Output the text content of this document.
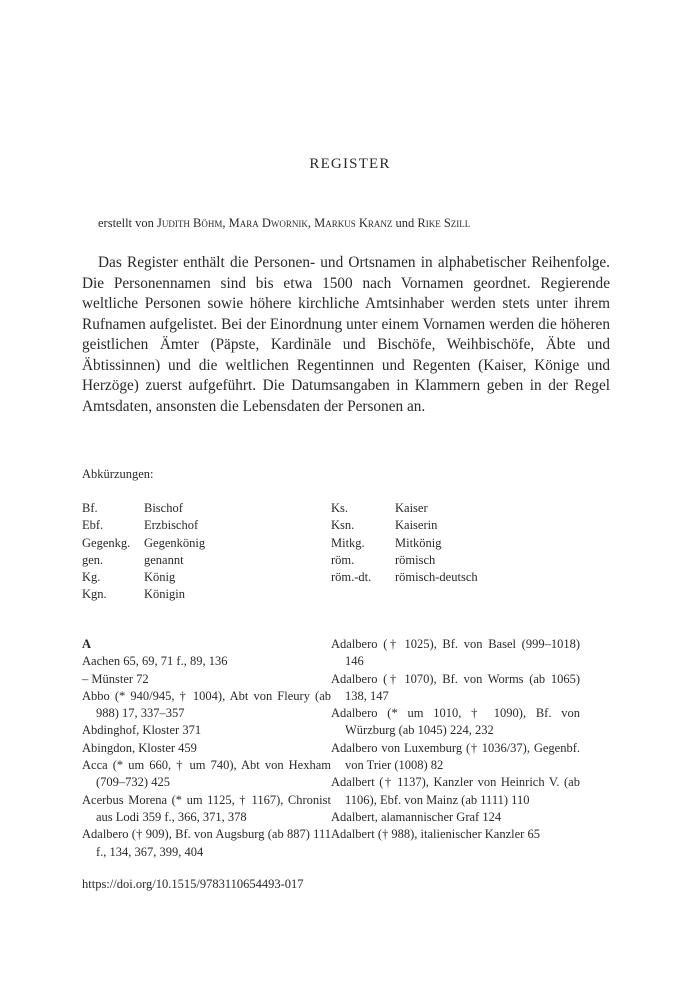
REGISTER
erstellt von Judith Böhm, Mara Dwornik, Markus Kranz und Rike Szill

Das Register enthält die Personen- und Ortsnamen in alphabetischer Reihenfolge. Die Personennamen sind bis etwa 1500 nach Vornamen geordnet. Regierende weltliche Personen sowie höhere kirchliche Amtsinhaber werden stets unter ihrem Rufnamen aufgelistet. Bei der Einordnung unter einem Vornamen werden die höheren geistlichen Ämter (Päpste, Kardinäle und Bischöfe, Weihbischöfe, Äbte und Äbtissinnen) und die weltlichen Regentinnen und Regenten (Kaiser, Könige und Herzöge) zuerst aufgeführt. Die Datumsangaben in Klammern geben in der Regel Amtsdaten, ansonsten die Lebensdaten der Personen an.

Abkürzungen:
Bf.	Bischof
Ebf.	Erzbischof
Gegenkg.	Gegenkönig
gen.	genannt
Kg.	König
Kgn.	Königin
Ks.	Kaiser
Ksn.	Kaiserin
Mitkg.	Mitkönig
röm.	römisch
röm.-dt.	römisch-deutsch
A
Aachen 65, 69, 71 f., 89, 136
– Münster 72
Abbo (* 940/945, † 1004), Abt von Fleury (ab 988) 17, 337–357
Abdinghof, Kloster 371
Abingdon, Kloster 459
Acca (* um 660, † um 740), Abt von Hexham (709–732) 425
Acerbus Morena (* um 1125, † 1167), Chronist aus Lodi 359 f., 366, 371, 378
Adalbero († 909), Bf. von Augsburg (ab 887) 111 f., 134, 367, 399, 404
Adalbero († 1025), Bf. von Basel (999–1018) 146
Adalbero († 1070), Bf. von Worms (ab 1065) 138, 147
Adalbero (* um 1010, † 1090), Bf. von Würzburg (ab 1045) 224, 232
Adalbero von Luxemburg († 1036/37), Gegenbf. von Trier (1008) 82
Adalbert († 1137), Kanzler von Heinrich V. (ab 1106), Ebf. von Mainz (ab 1111) 110
Adalbert, alamannischer Graf 124
Adalbert († 988), italienischer Kanzler 65
https://doi.org/10.1515/9783110654493-017
